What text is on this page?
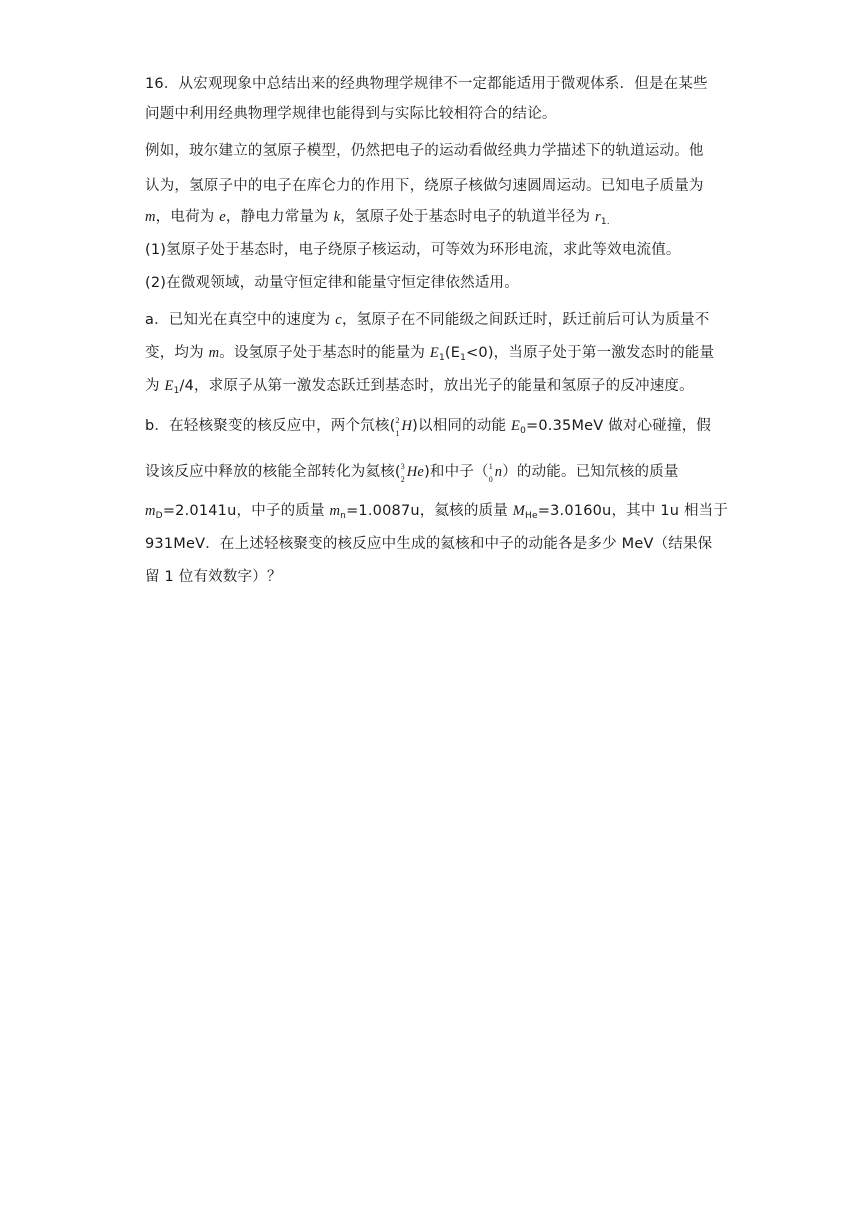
16．从宏观现象中总结出来的经典物理学规律不一定都能适用于微观体系．但是在某些
问题中利用经典物理学规律也能得到与实际比较相符合的结论。
例如，玻尔建立的氢原子模型，仍然把电子的运动看做经典力学描述下的轨道运动。他
认为，氢原子中的电子在库仑力的作用下，绕原子核做匀速圆周运动。已知电子质量为
m，电荷为 e，静电力常量为 k，氢原子处于基态时电子的轨道半径为 $r_{1.}$
(1)氢原子处于基态时，电子绕原子核运动，可等效为环形电流，求此等效电流值。
(2)在微观领域，动量守恒定律和能量守恒定律依然适用。
a．已知光在真空中的速度为 c，氢原子在不同能级之间跃迁时，跃迁前后可认为质量不
变，均为 m。设氢原子处于基态时的能量为 $E_1(E_1<0)$，当原子处于第一激发态时的能量
为 $E_1/4$，求原子从第一激发态跃迁到基态时，放出光子的能量和氢原子的反冲速度。
b．在轻核聚变的核反应中，两个氘核( 2
1 H)以相同的动能 $E_0=0.35MeV$ 做对心碰撞，假
设该反应中释放的核能全部转化为氦核( 3
2 He)和中子（ 1
0 n）的动能。已知氘核的质量
$m_D=2.0141u$，中子的质量 $m_n=1.0087u$，氦核的质量 $M_{He}=3.0160u$，其中 1u 相当于
931MeV．在上述轻核聚变的核反应中生成的氦核和中子的动能各是多少 MeV（结果保
留 1 位有效数字）？
